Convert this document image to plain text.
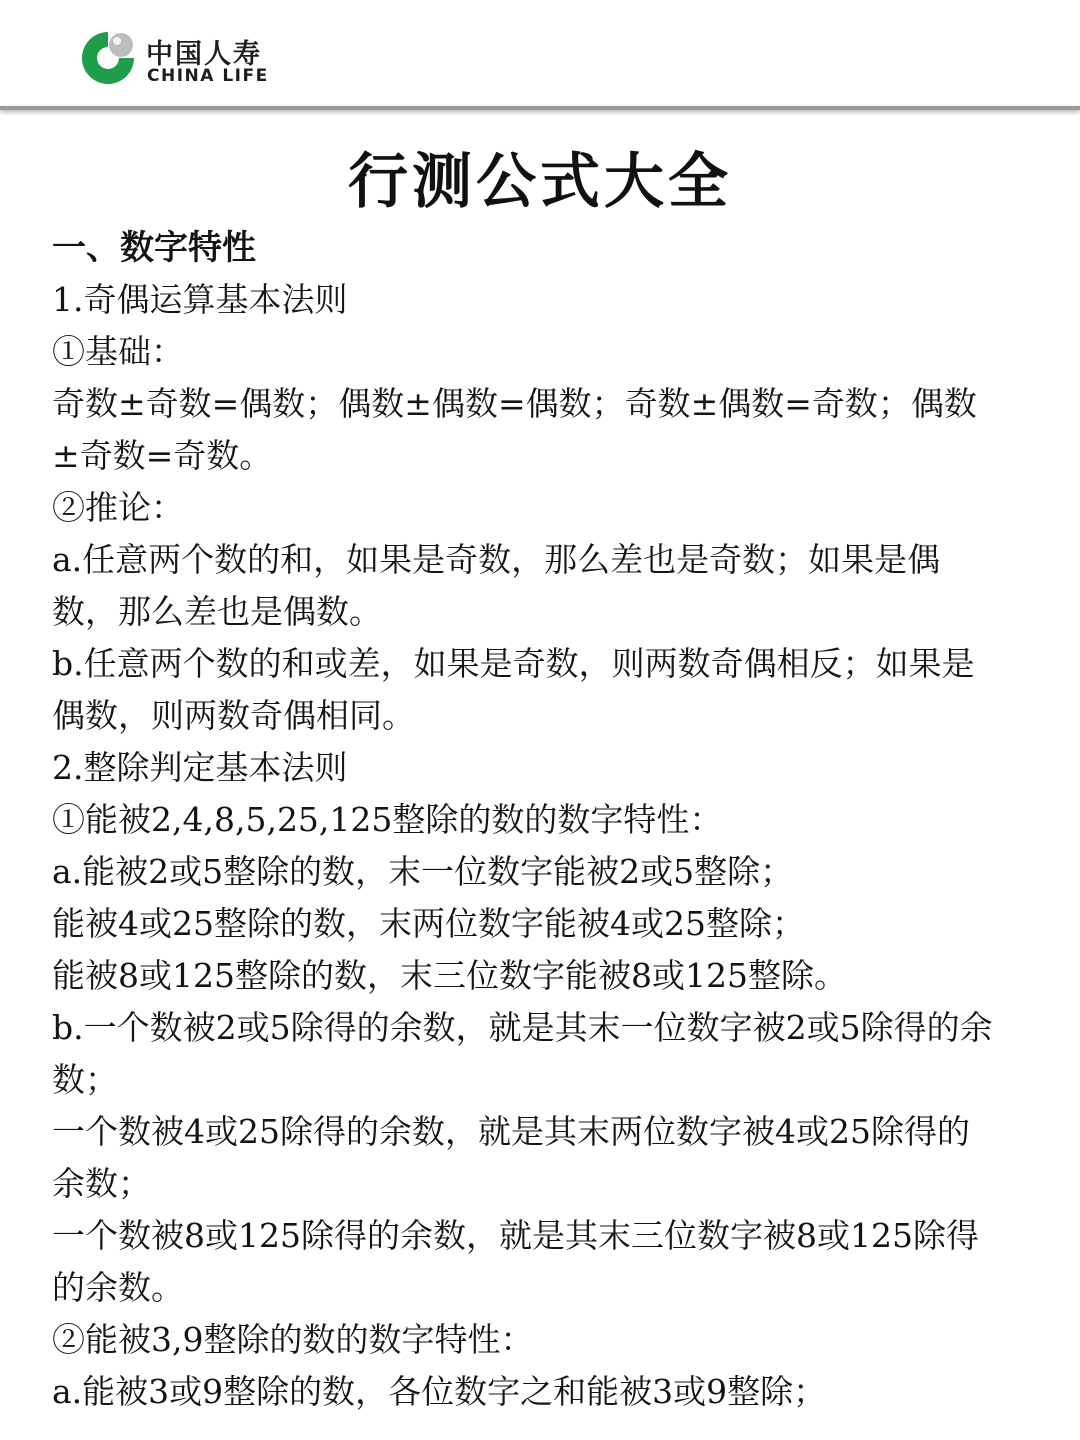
中国人寿
CHINA LIFE
行测公式大全
一、数字特性
1.奇偶运算基本法则
①基础：
奇数±奇数=偶数；偶数±偶数=偶数；奇数±偶数=奇数；偶数
±奇数=奇数。
②推论：
a.任意两个数的和，如果是奇数，那么差也是奇数；如果是偶
数，那么差也是偶数。
b.任意两个数的和或差，如果是奇数，则两数奇偶相反；如果是
偶数，则两数奇偶相同。
2.整除判定基本法则
①能被2,4,8,5,25,125整除的数的数字特性：
a.能被2或5整除的数，末一位数字能被2或5整除；
能被4或25整除的数，末两位数字能被4或25整除；
能被8或125整除的数，末三位数字能被8或125整除。
b.一个数被2或5除得的余数，就是其末一位数字被2或5除得的余
数；
一个数被4或25除得的余数，就是其末两位数字被4或25除得的
余数；
一个数被8或125除得的余数，就是其末三位数字被8或125除得
的余数。
②能被3,9整除的数的数字特性：
a.能被3或9整除的数，各位数字之和能被3或9整除；
